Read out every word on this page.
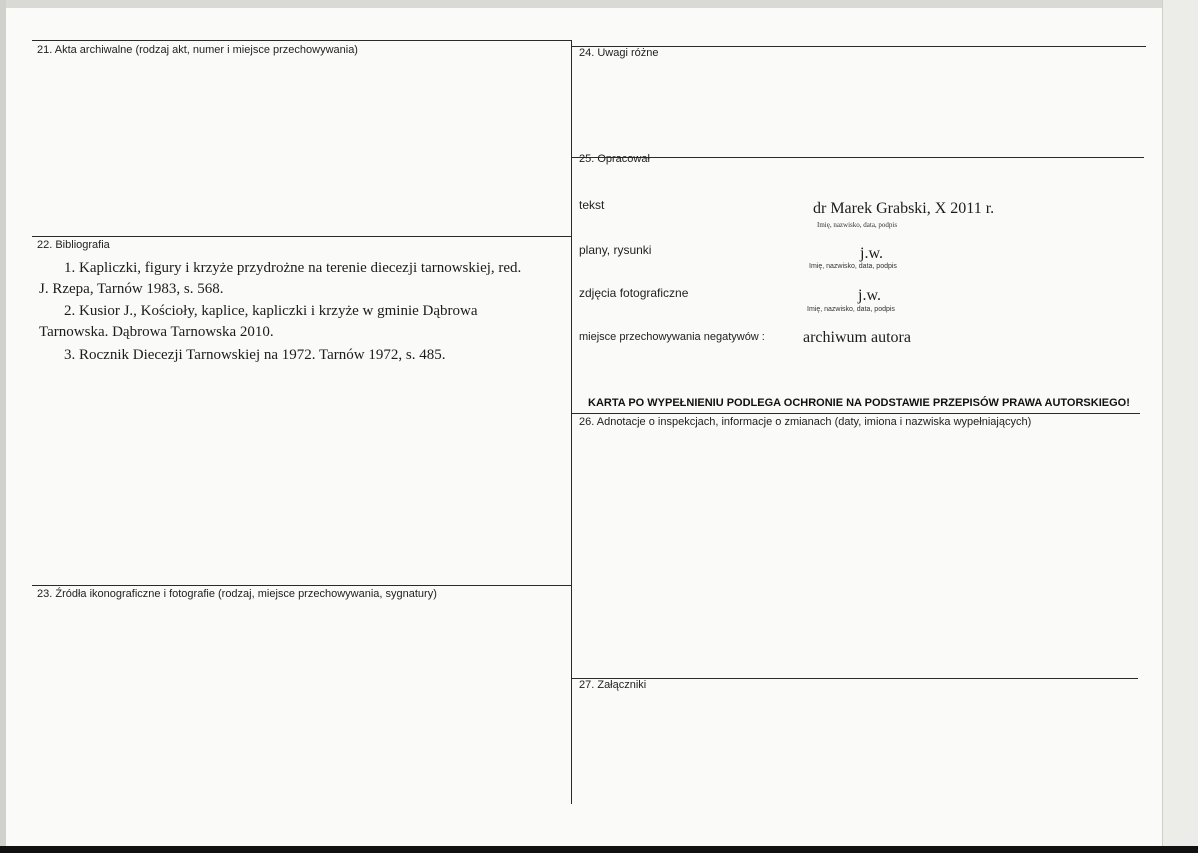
21. Akta archiwalne (rodzaj akt, numer i miejsce przechowywania)
22. Bibliografia
1. Kapliczki, figury i krzyże przydrożne na terenie diecezji tarnowskiej, red.
J. Rzepa, Tarnów 1983, s. 568.
2. Kusior J., Kościoły, kaplice, kapliczki i krzyże w gminie Dąbrowa
Tarnowska. Dąbrowa Tarnowska 2010.
3. Rocznik Diecezji Tarnowskiej na 1972. Tarnów 1972, s. 485.
23. Źródła ikonograficzne i fotografie (rodzaj, miejsce przechowywania, sygnatury)
24. Uwagi różne
25. Opracował
tekst	dr Marek Grabski, X 2011 r.
Imię, nazwisko, data, podpis
plany, rysunki	j.w.
Imię, nazwisko, data, podpis
zdjęcia fotograficzne	j.w.
Imię, nazwisko, data, podpis
miejsce przechowywania negatywów : archiwum autora
KARTA PO WYPEŁNIENIU PODLEGA OCHRONIE NA PODSTAWIE PRZEPISÓW PRAWA AUTORSKIEGO!
26. Adnotacje o inspekcjach, informacje o zmianach (daty, imiona i nazwiska wypełniających)
27. Załączniki
